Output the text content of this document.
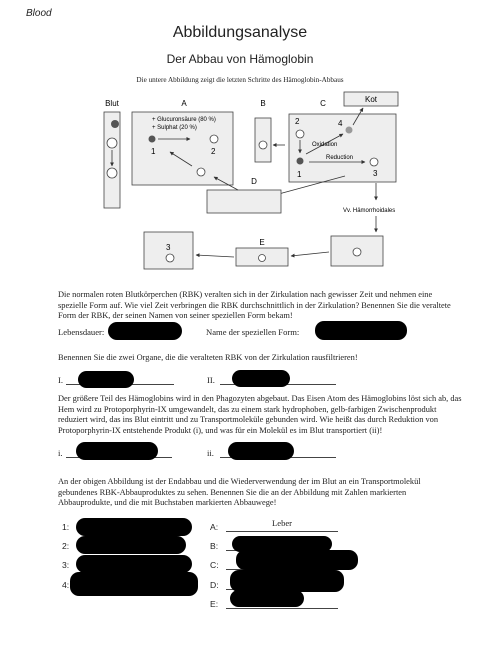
Blood
Abbildungsanalyse
Der Abbau von Hämoglobin
Die untere Abbildung zeigt die letzten Schritte des Hämoglobin-Abbaus
Blut	A
+ Glucuronsäure (80 %)
+ Sulphat (20 %)
1	2
B	Kot
C
2	4
Oxidation
1
Reduction
3
Vv. Hämorrhoidales
D
E
3
Die normalen roten Blutkörperchen (RBK) veralten sich in der Zirkulation nach gewisser Zeit und nehmen eine spezielle Form auf. Wie viel Zeit verbringen die RBK durchschnittlich in der Zirkulation? Benennen Sie die veraltete Form der RBK, der seinen Namen von seiner speziellen Form bekam!
Lebensdauer:	Name der speziellen Form:
Benennen Sie die zwei Organe, die die veralteten RBK von der Zirkulation rausfiltrieren!
I.	II.
Der größere Teil des Hämoglobins wird in den Phagozyten abgebaut. Das Eisen Atom des Hämoglobins löst sich ab, das Hem wird zu Protoporphyrin-IX umgewandelt, das zu einem stark hydrophoben, gelb-farbigen Zwischenprodukt reduziert wird, das ins Blut eintritt und zu Transportmoleküle gebunden wird. Wie heißt das durch Reduktion von Protoporphyrin-IX entstehende Produkt (i), und was für ein Molekül es im Blut transportiert (ii)!
i.	ii.
An der obigen Abbildung ist der Endabbau und die Wiederverwendung der im Blut an ein Transportmolekül gebundenes RBK-Abbauproduktes zu sehen. Benennen Sie die an der Abbildung mit Zahlen markierten Abbauprodukte, und die mit Buchstaben markierten Abbauwege!
1:
2:
3:
4:
A:	Leber
B:
C:
D:
E:
